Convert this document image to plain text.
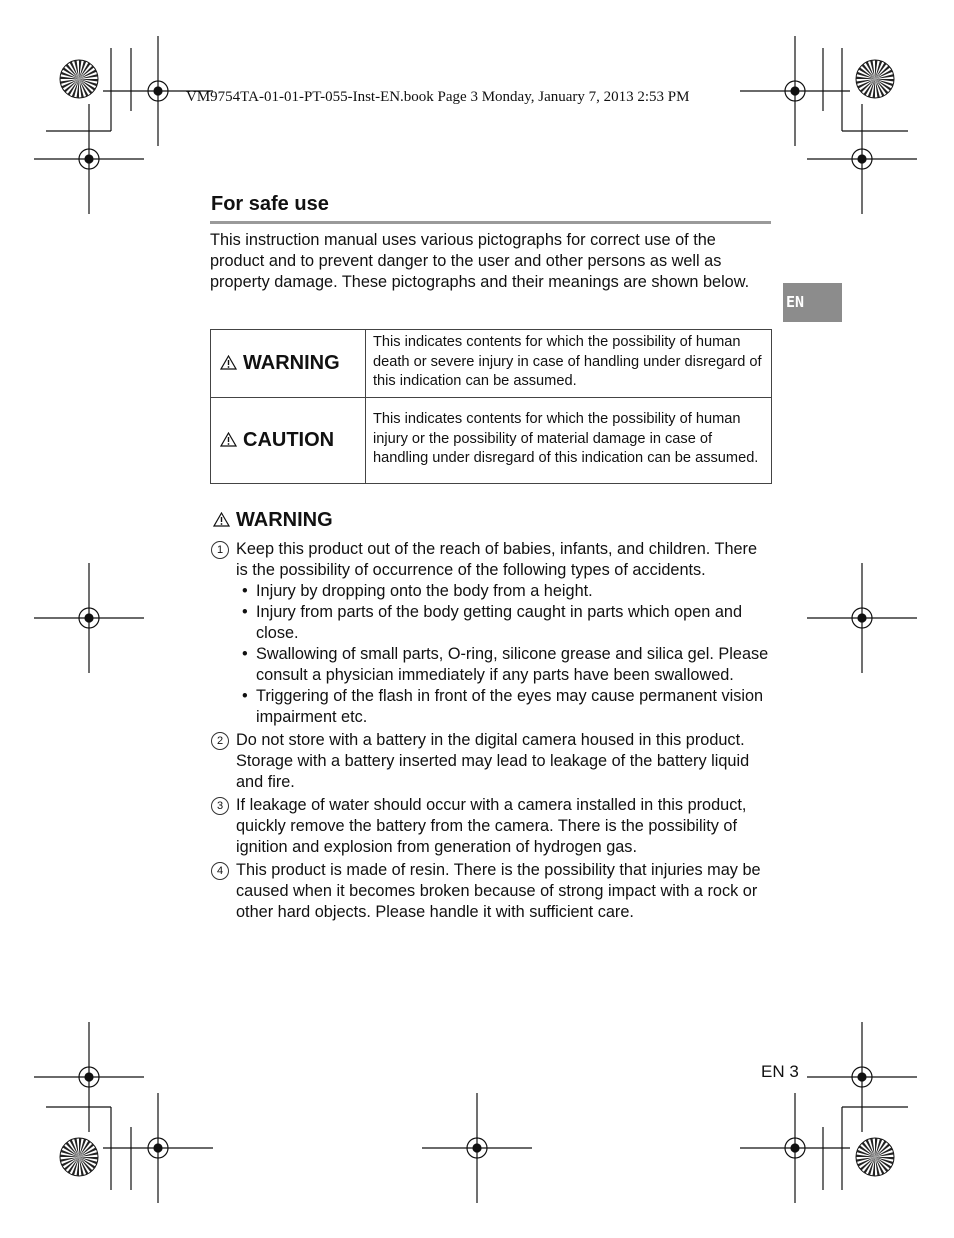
VM9754TA-01-01-PT-055-Inst-EN.book Page 3 Monday, January 7, 2013 2:53 PM
For safe use
This instruction manual uses various pictographs for correct use of the product and to prevent danger to the user and other persons as well as property damage. These pictographs and their meanings are shown below.
EN
WARNING	This indicates contents for which the possibility of human death or severe injury in case of handling under disregard of this indication can be assumed.
CAUTION	This indicates contents for which the possibility of human injury or the possibility of material damage in case of handling under disregard of this indication can be assumed.
WARNING
1 Keep this product out of the reach of babies, infants, and children. There is the possibility of occurrence of the following types of accidents.
• Injury by dropping onto the body from a height.
• Injury from parts of the body getting caught in parts which open and close.
• Swallowing of small parts, O-ring, silicone grease and silica gel. Please consult a physician immediately if any parts have been swallowed.
• Triggering of the flash in front of the eyes may cause permanent vision impairment etc.
2 Do not store with a battery in the digital camera housed in this product. Storage with a battery inserted may lead to leakage of the battery liquid and fire.
3 If leakage of water should occur with a camera installed in this product, quickly remove the battery from the camera. There is the possibility of ignition and explosion from generation of hydrogen gas.
4 This product is made of resin. There is the possibility that injuries may be caused when it becomes broken because of strong impact with a rock or other hard objects. Please handle it with sufficient care.
EN 3
